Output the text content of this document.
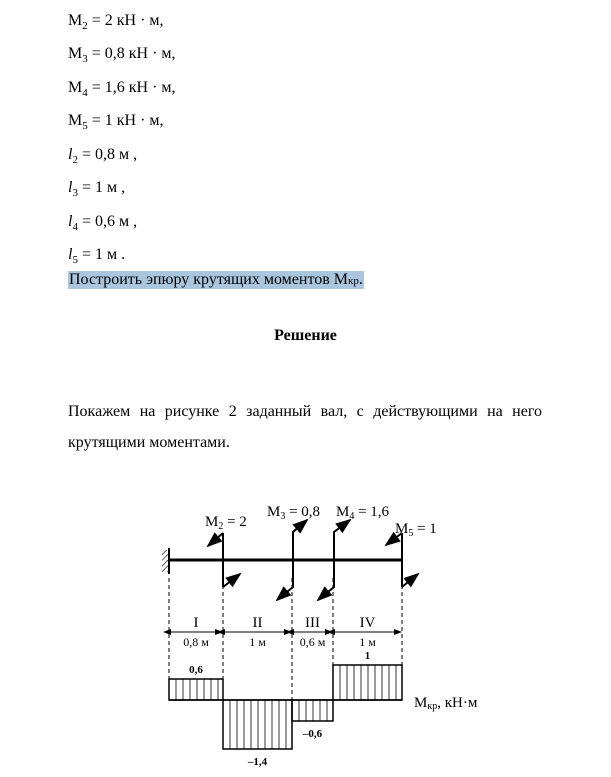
$M_2 = 2$ кН · м,
$M_3 = 0,8$ кН · м,
$M_4 = 1,6$ кН · м,
$M_5 = 1$ кН · м,
$l_2 = 0,8$ м ,
$l_3 = 1$ м ,
$l_4 = 0,6$ м ,
$l_5 = 1$ м .
Построить эпюру крутящих моментов Мкр.
Решение
Покажем на рисунке 2 заданный вал, с действующими на него
крутящими моментами.
$M_2 = 2$
$M_3 = 0,8$ $M_4 = 1,6$
$M_5 = 1$
I
0,8 м
II
1 м
III
0,6 м
IV
1 м
0,6
–1,4
–0,6
1
Мкр, кН·м
